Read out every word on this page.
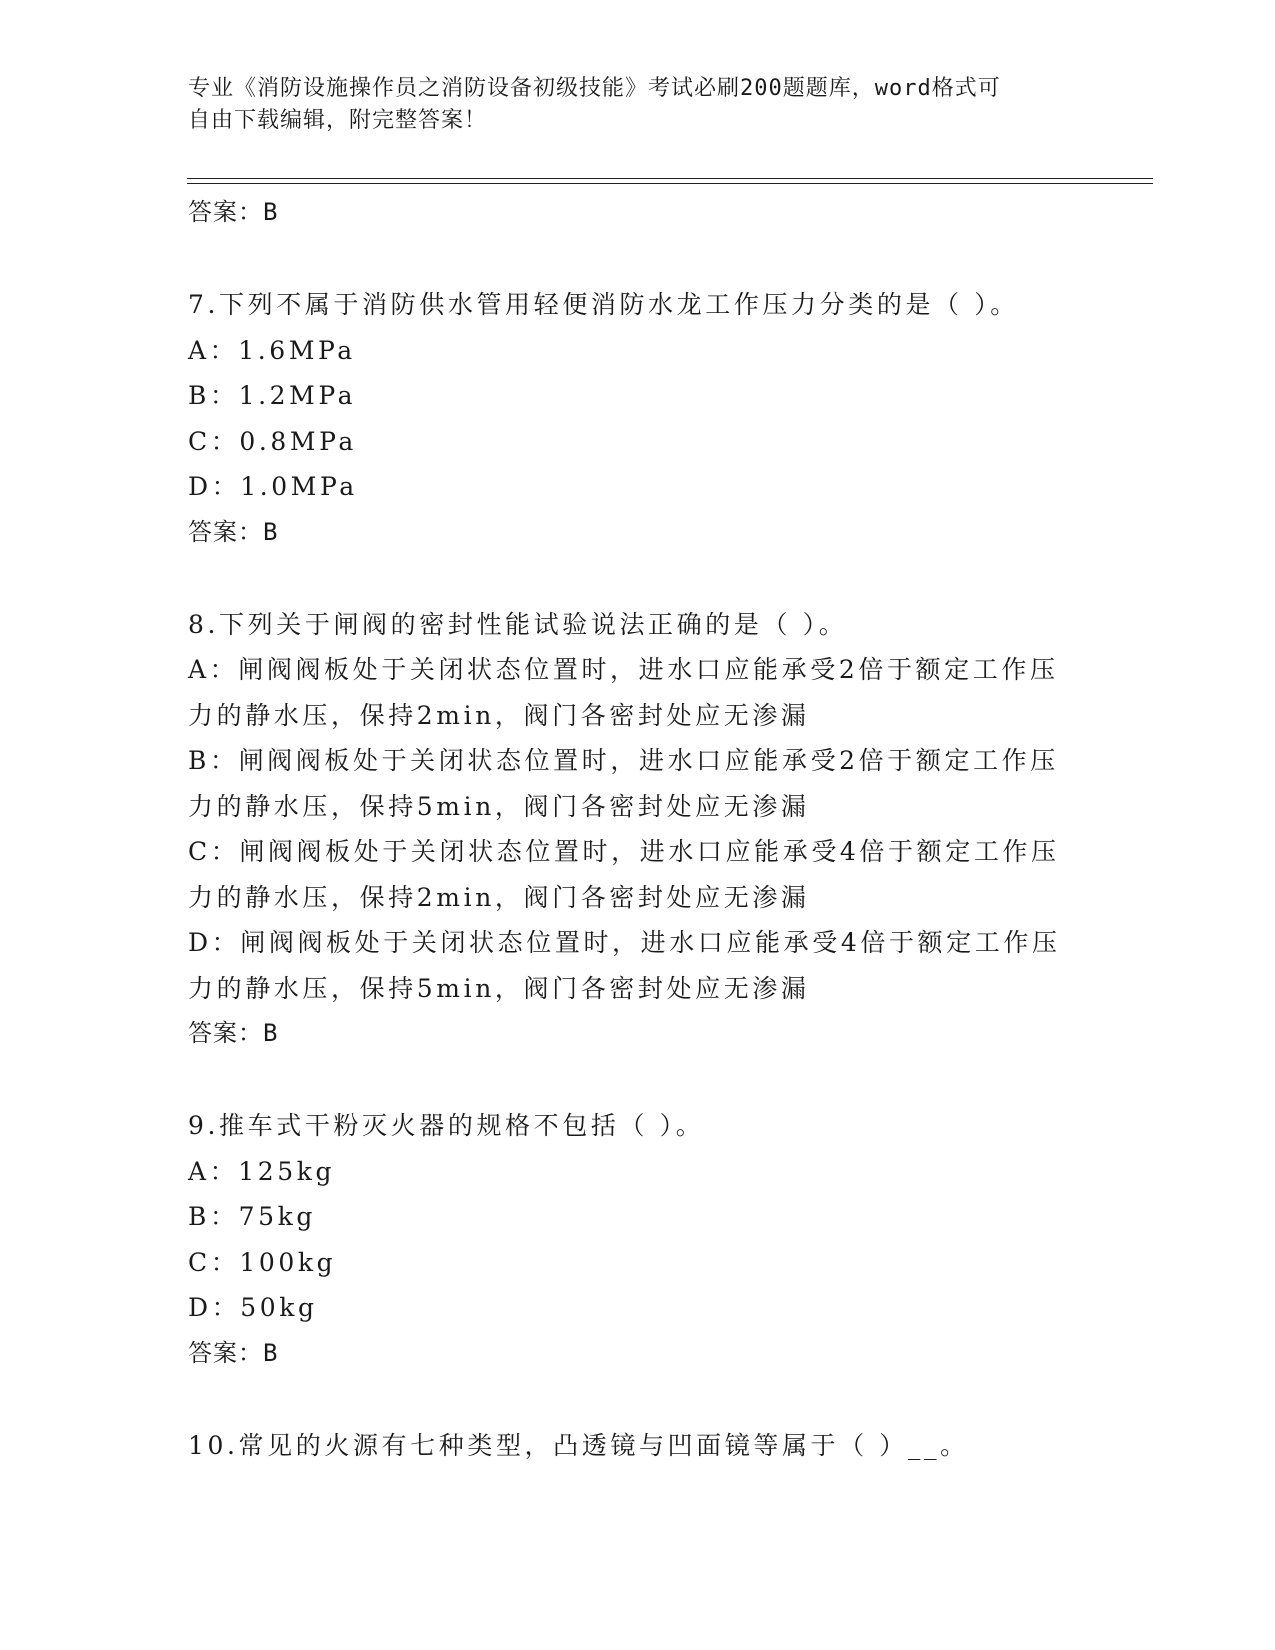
专业《消防设施操作员之消防设备初级技能》考试必刷200题题库，word格式可
自由下载编辑，附完整答案！
答案：B
7.下列不属于消防供水管用轻便消防水龙工作压力分类的是（ ）。
A：1.6MPa
B：1.2MPa
C：0.8MPa
D：1.0MPa
答案：B
8.下列关于闸阀的密封性能试验说法正确的是（ ）。
A：闸阀阀板处于关闭状态位置时，进水口应能承受2倍于额定工作压
力的静水压，保持2min，阀门各密封处应无渗漏
B：闸阀阀板处于关闭状态位置时，进水口应能承受2倍于额定工作压
力的静水压，保持5min，阀门各密封处应无渗漏
C：闸阀阀板处于关闭状态位置时，进水口应能承受4倍于额定工作压
力的静水压，保持2min，阀门各密封处应无渗漏
D：闸阀阀板处于关闭状态位置时，进水口应能承受4倍于额定工作压
力的静水压，保持5min，阀门各密封处应无渗漏
答案：B
9.推车式干粉灭火器的规格不包括（ ）。
A：125kg
B：75kg
C：100kg
D：50kg
答案：B
10.常见的火源有七种类型，凸透镜与凹面镜等属于（ ）__。
